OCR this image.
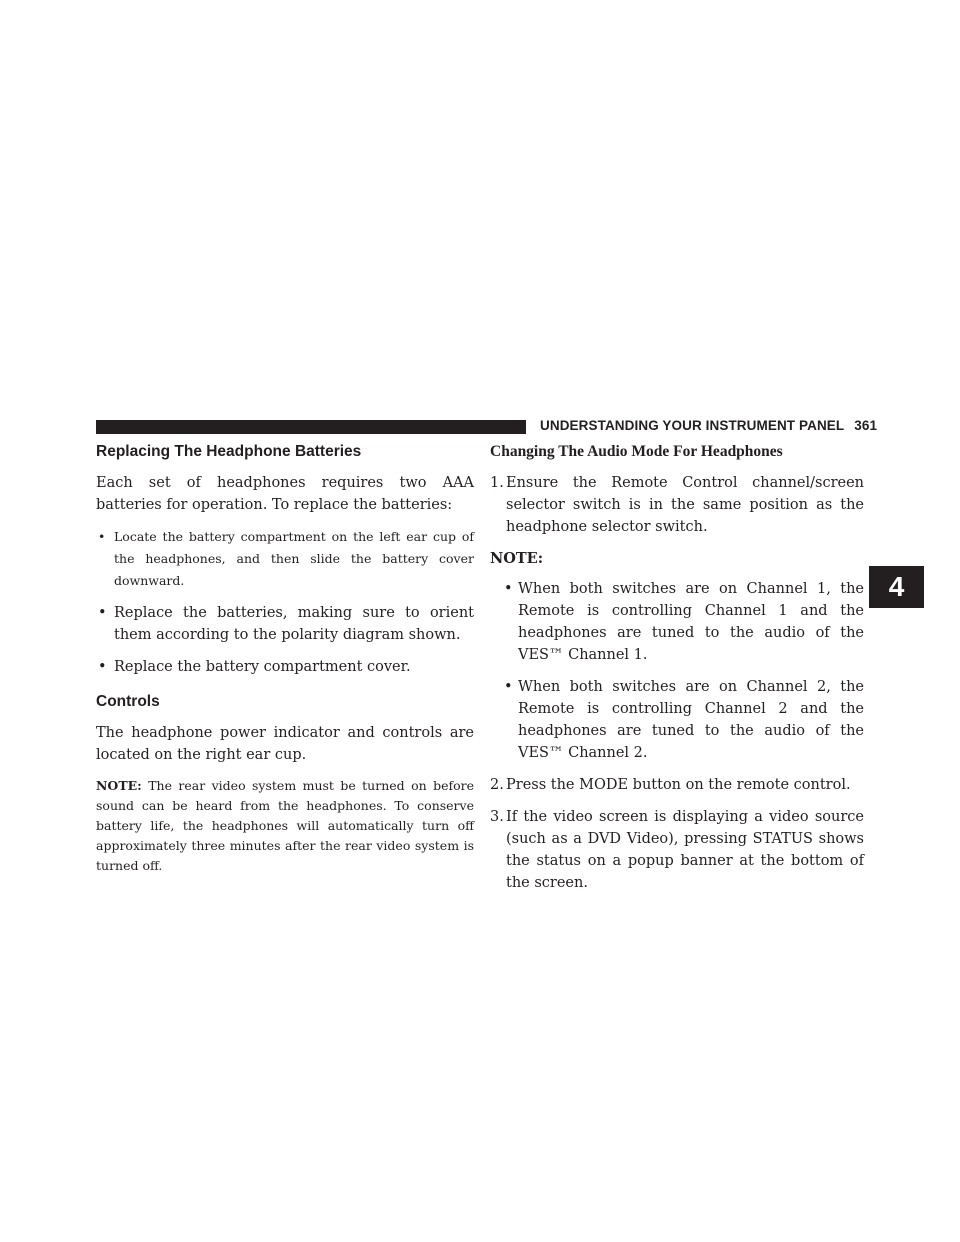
UNDERSTANDING YOUR INSTRUMENT PANEL 361
4
Replacing The Headphone Batteries

Each set of headphones requires two AAA batteries for operation. To replace the batteries:

• Locate the battery compartment on the left ear cup of the headphones, and then slide the battery cover downward.
• Replace the batteries, making sure to orient them according to the polarity diagram shown.
• Replace the battery compartment cover.
Controls

The headphone power indicator and controls are located on the right ear cup.

NOTE: The rear video system must be turned on before sound can be heard from the headphones. To conserve battery life, the headphones will automatically turn off approximately three minutes after the rear video system is turned off.

Changing The Audio Mode For Headphones
1. Ensure the Remote Control channel/screen selector switch is in the same position as the headphone selector switch.
NOTE:
• When both switches are on Channel 1, the Remote is controlling Channel 1 and the headphones are tuned to the audio of the VES™ Channel 1.
• When both switches are on Channel 2, the Remote is controlling Channel 2 and the headphones are tuned to the audio of the VES™ Channel 2.
2. Press the MODE button on the remote control.
3. If the video screen is displaying a video source (such as a DVD Video), pressing STATUS shows the status on a popup banner at the bottom of the screen.
